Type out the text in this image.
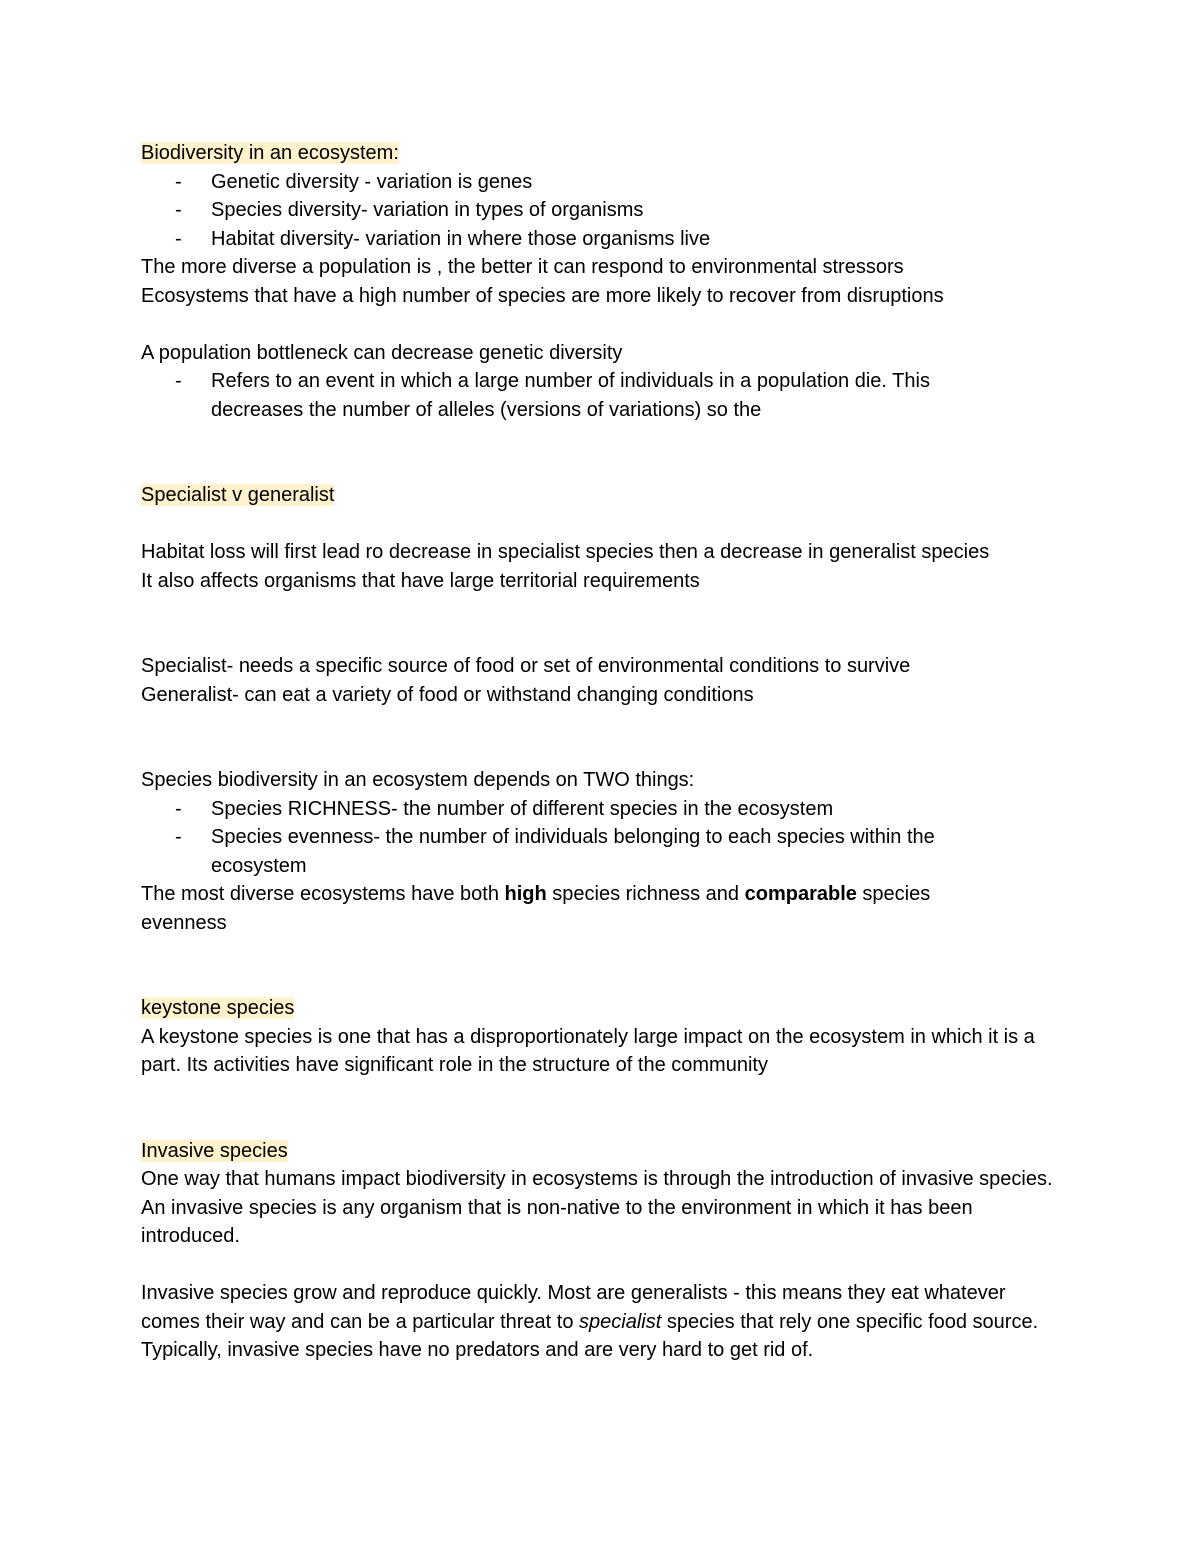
Biodiversity in an ecosystem:
- Genetic diversity - variation is genes
- Species diversity- variation in types of organisms
- Habitat diversity- variation in where those organisms live
The more diverse a population is , the better it can respond to environmental stressors
Ecosystems that have a high number of species are more likely to recover from disruptions
A population bottleneck can decrease genetic diversity
- Refers to an event in which a large number of individuals in a population die. This decreases the number of alleles (versions of variations) so the
Specialist v generalist
Habitat loss will first lead ro decrease in specialist species then a decrease in generalist species
It also affects organisms that have large territorial requirements
Specialist- needs a specific source of food or set of environmental conditions to survive
Generalist- can eat a variety of food or withstand changing conditions
Species biodiversity in an ecosystem depends on TWO things:
- Species RICHNESS- the number of different species in the ecosystem
- Species evenness- the number of individuals belonging to each species within the ecosystem
The most diverse ecosystems have both high species richness and comparable species evenness
keystone species
A keystone species is one that has a disproportionately large impact on the ecosystem in which it is a part. Its activities have significant role in the structure of the community
Invasive species
One way that humans impact biodiversity in ecosystems is through the introduction of invasive species. An invasive species is any organism that is non-native to the environment in which it has been introduced.
Invasive species grow and reproduce quickly. Most are generalists - this means they eat whatever comes their way and can be a particular threat to specialist species that rely one specific food source. Typically, invasive species have no predators and are very hard to get rid of.
